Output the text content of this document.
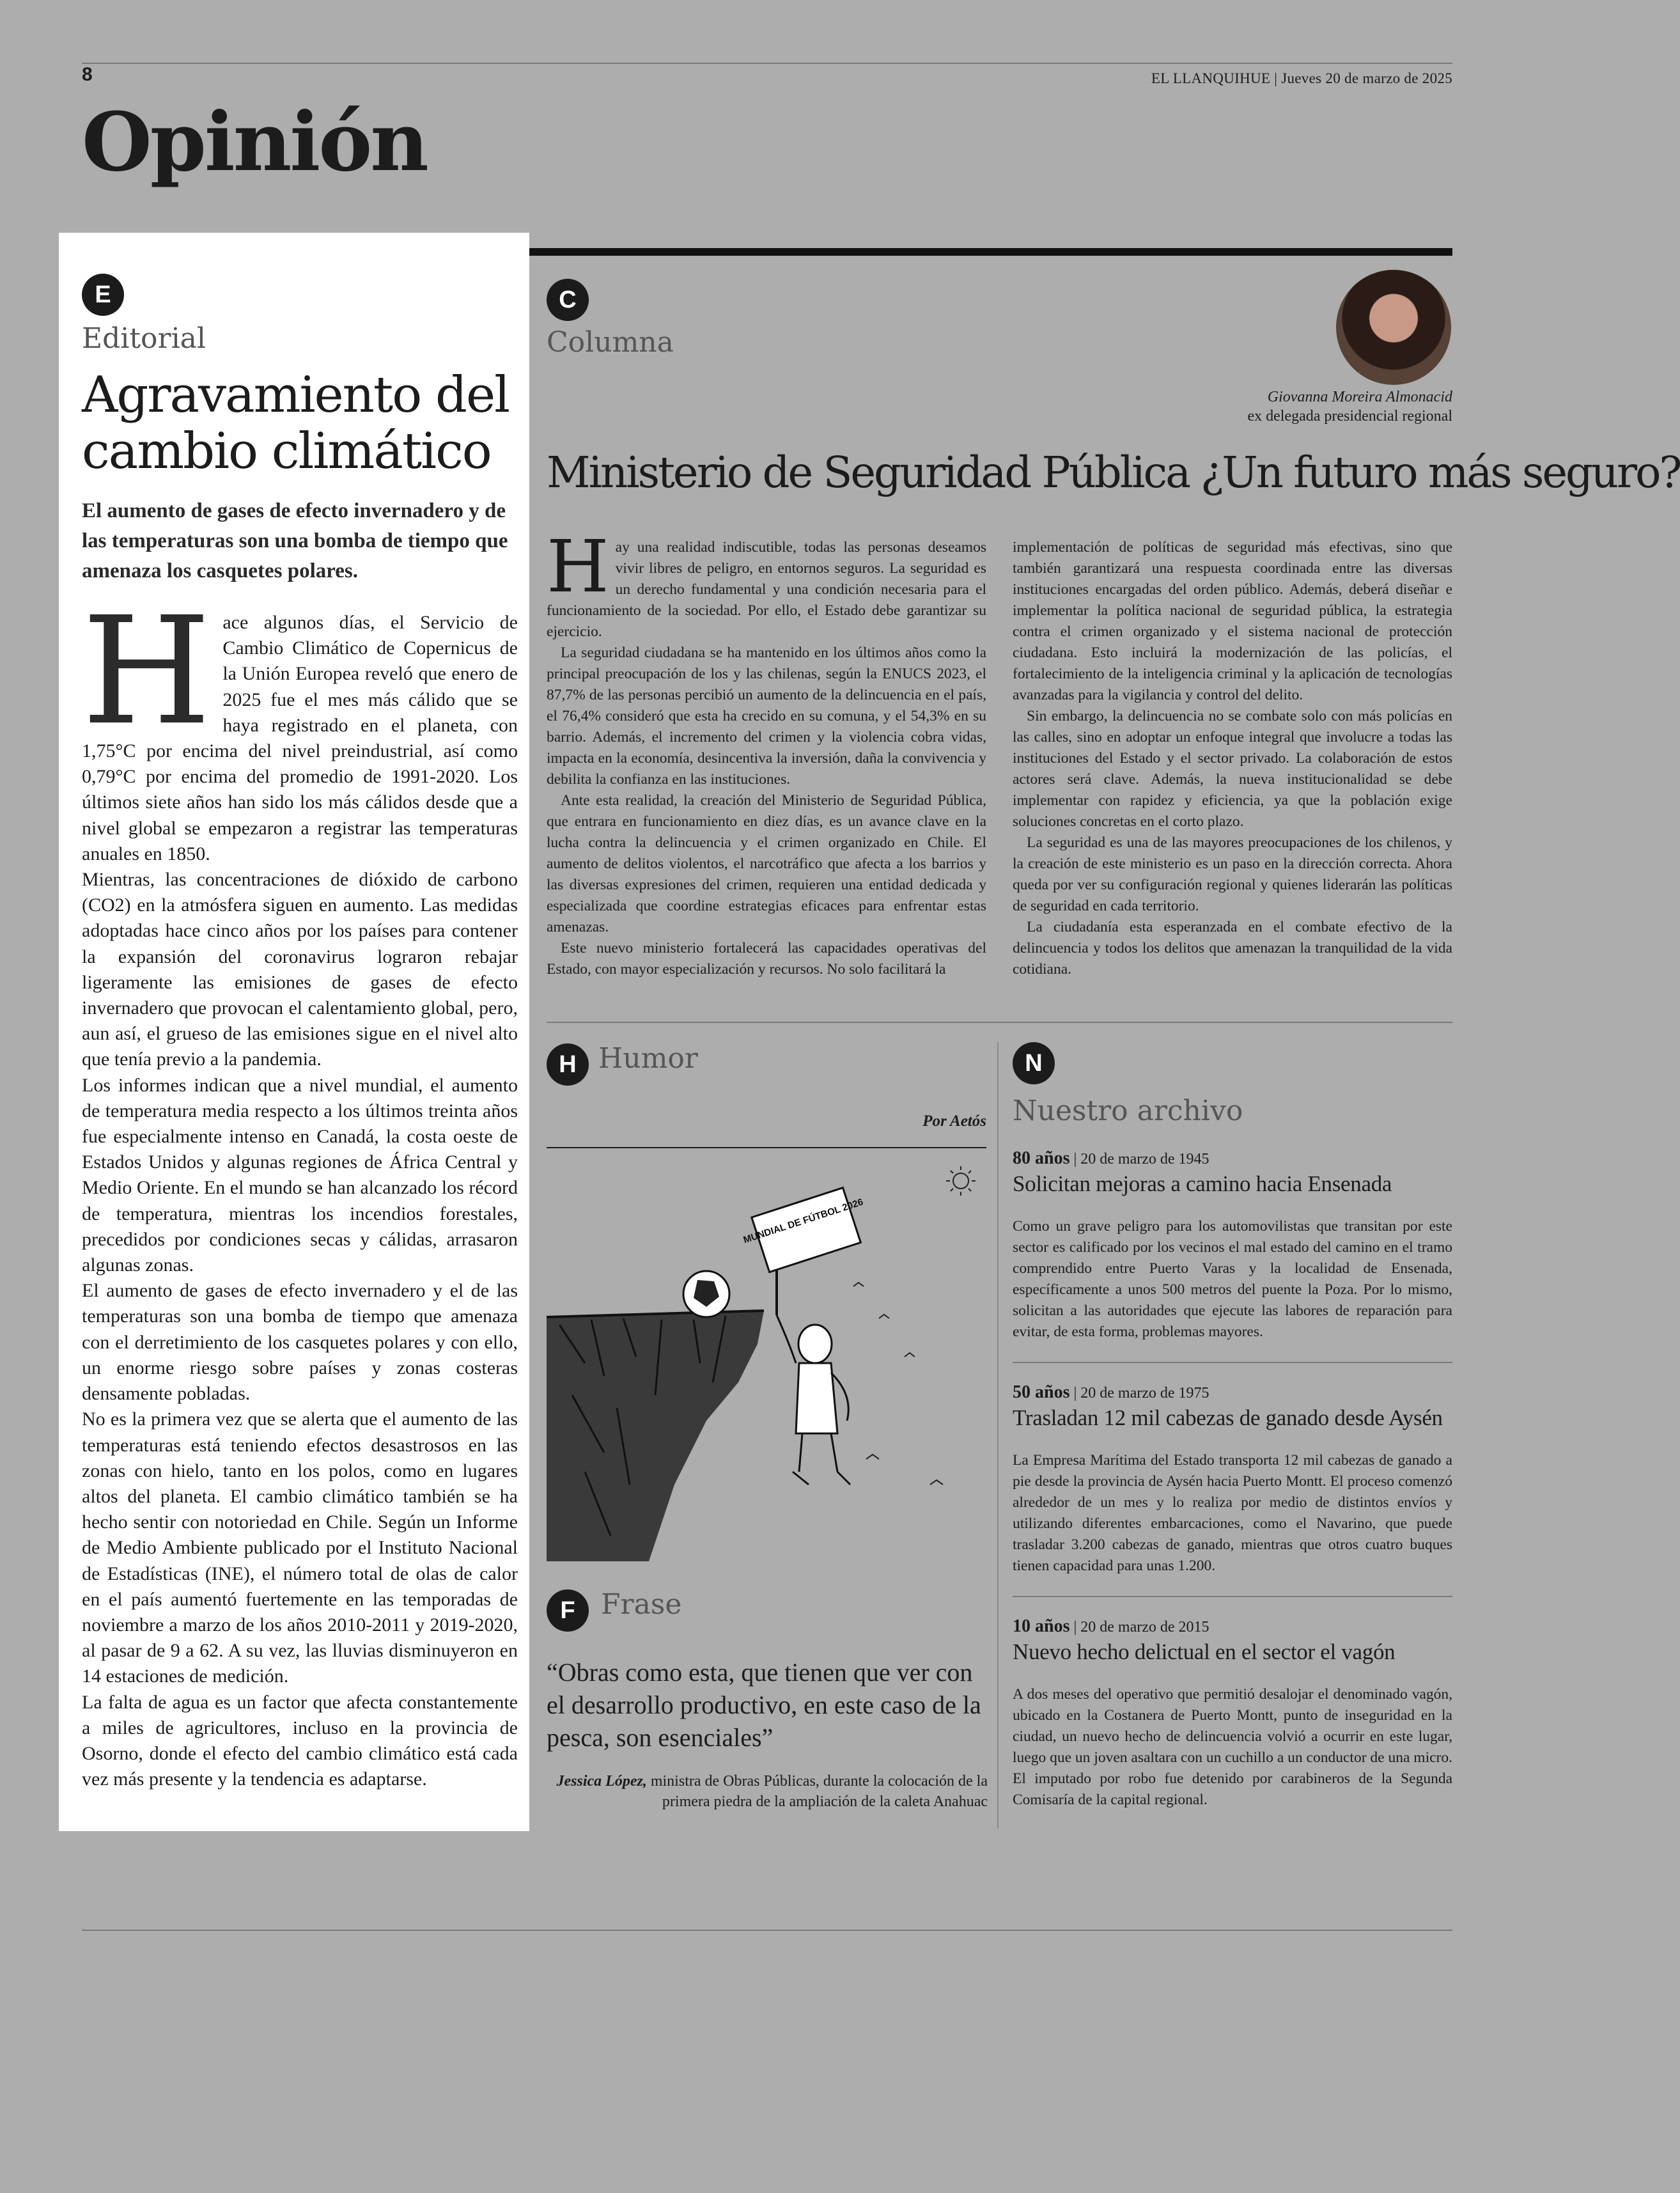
8	EL LLANQUIHUE | Jueves 20 de marzo de 2025
Opinión
E
Editorial
Agravamiento del cambio climático
El aumento de gases de efecto invernadero y de las temperaturas son una bomba de tiempo que amenaza los casquetes polares.

Hace algunos días, el Servicio de Cambio Climático de Copernicus de la Unión Europea reveló que enero de 2025 fue el mes más cálido que se haya registrado en el planeta, con 1,75°C por encima del nivel preindustrial, así como 0,79°C por encima del promedio de 1991-2020. Los últimos siete años han sido los más cálidos desde que a nivel global se empezaron a registrar las temperaturas anuales en 1850.

Mientras, las concentraciones de dióxido de carbono (CO2) en la atmósfera siguen en aumento. Las medidas adoptadas hace cinco años por los países para contener la expansión del coronavirus lograron rebajar ligeramente las emisiones de gases de efecto invernadero que provocan el calentamiento global, pero, aun así, el grueso de las emisiones sigue en el nivel alto que tenía previo a la pandemia.

Los informes indican que a nivel mundial, el aumento de temperatura media respecto a los últimos treinta años fue especialmente intenso en Canadá, la costa oeste de Estados Unidos y algunas regiones de África Central y Medio Oriente. En el mundo se han alcanzado los récord de temperatura, mientras los incendios forestales, precedidos por condiciones secas y cálidas, arrasaron algunas zonas.

El aumento de gases de efecto invernadero y el de las temperaturas son una bomba de tiempo que amenaza con el derretimiento de los casquetes polares y con ello, un enorme riesgo sobre países y zonas costeras densamente pobladas.

No es la primera vez que se alerta que el aumento de las temperaturas está teniendo efectos desastrosos en las zonas con hielo, tanto en los polos, como en lugares altos del planeta. El cambio climático también se ha hecho sentir con notoriedad en Chile. Según un Informe de Medio Ambiente publicado por el Instituto Nacional de Estadísticas (INE), el número total de olas de calor en el país aumentó fuertemente en las temporadas de noviembre a marzo de los años 2010-2011 y 2019-2020, al pasar de 9 a 62. A su vez, las lluvias disminuyeron en 14 estaciones de medición.

La falta de agua es un factor que afecta constantemente a miles de agricultores, incluso en la provincia de Osorno, donde el efecto del cambio climático está cada vez más presente y la tendencia es adaptarse.

C
Columna
Giovanna Moreira Almonacid
ex delegada presidencial regional
Ministerio de Seguridad Pública ¿Un futuro más seguro?

Hay una realidad indiscutible, todas las personas deseamos vivir libres de peligro, en entornos seguros. La seguridad es un derecho fundamental y una condición necesaria para el funcionamiento de la sociedad. Por ello, el Estado debe garantizar su ejercicio.

La seguridad ciudadana se ha mantenido en los últimos años como la principal preocupación de los y las chilenas, según la ENUCS 2023, el 87,7% de las personas percibió un aumento de la delincuencia en el país, el 76,4% consideró que esta ha crecido en su comuna, y el 54,3% en su barrio. Además, el incremento del crimen y la violencia cobra vidas, impacta en la economía, desincentiva la inversión, daña la convivencia y debilita la confianza en las instituciones.

Ante esta realidad, la creación del Ministerio de Seguridad Pública, que entrara en funcionamiento en diez días, es un avance clave en la lucha contra la delincuencia y el crimen organizado en Chile. El aumento de delitos violentos, el narcotráfico que afecta a los barrios y las diversas expresiones del crimen, requieren una entidad dedicada y especializada que coordine estrategias eficaces para enfrentar estas amenazas.

Este nuevo ministerio fortalecerá las capacidades operativas del Estado, con mayor especialización y recursos. No solo facilitará la

implementación de políticas de seguridad más efectivas, sino que también garantizará una respuesta coordinada entre las diversas instituciones encargadas del orden público. Además, deberá diseñar e implementar la política nacional de seguridad pública, la estrategia contra el crimen organizado y el sistema nacional de protección ciudadana. Esto incluirá la modernización de las policías, el fortalecimiento de la inteligencia criminal y la aplicación de tecnologías avanzadas para la vigilancia y control del delito.

Sin embargo, la delincuencia no se combate solo con más policías en las calles, sino en adoptar un enfoque integral que involucre a todas las instituciones del Estado y el sector privado. La colaboración de estos actores será clave. Además, la nueva institucionalidad se debe implementar con rapidez y eficiencia, ya que la población exige soluciones concretas en el corto plazo.

La seguridad es una de las mayores preocupaciones de los chilenos, y la creación de este ministerio es un paso en la dirección correcta. Ahora queda por ver su configuración regional y quienes liderarán las políticas de seguridad en cada territorio.

La ciudadanía esta esperanzada en el combate efectivo de la delincuencia y todos los delitos que amenazan la tranquilidad de la vida cotidiana.

H Humor
Por Aetós
MUNDIAL DE FÚTBOL 2026
F Frase
“Obras como esta, que tienen que ver con el desarrollo productivo, en este caso de la pesca, son esenciales”
Jessica López, ministra de Obras Públicas, durante la colocación de la primera piedra de la ampliación de la caleta Anahuac
N
Nuestro archivo
80 años | 20 de marzo de 1945
Solicitan mejoras a camino hacia Ensenada

Como un grave peligro para los automovilistas que transitan por este sector es calificado por los vecinos el mal estado del camino en el tramo comprendido entre Puerto Varas y la localidad de Ensenada, específicamente a unos 500 metros del puente la Poza. Por lo mismo, solicitan a las autoridades que ejecute las labores de reparación para evitar, de esta forma, problemas mayores.

50 años | 20 de marzo de 1975
Trasladan 12 mil cabezas de ganado desde Aysén

La Empresa Marítima del Estado transporta 12 mil cabezas de ganado a pie desde la provincia de Aysén hacia Puerto Montt. El proceso comenzó alrededor de un mes y lo realiza por medio de distintos envíos y utilizando diferentes embarcaciones, como el Navarino, que puede trasladar 3.200 cabezas de ganado, mientras que otros cuatro buques tienen capacidad para unas 1.200.

10 años | 20 de marzo de 2015
Nuevo hecho delictual en el sector el vagón

A dos meses del operativo que permitió desalojar el denominado vagón, ubicado en la Costanera de Puerto Montt, punto de inseguridad en la ciudad, un nuevo hecho de delincuencia volvió a ocurrir en este lugar, luego que un joven asaltara con un cuchillo a un conductor de una micro. El imputado por robo fue detenido por carabineros de la Segunda Comisaría de la capital regional.
